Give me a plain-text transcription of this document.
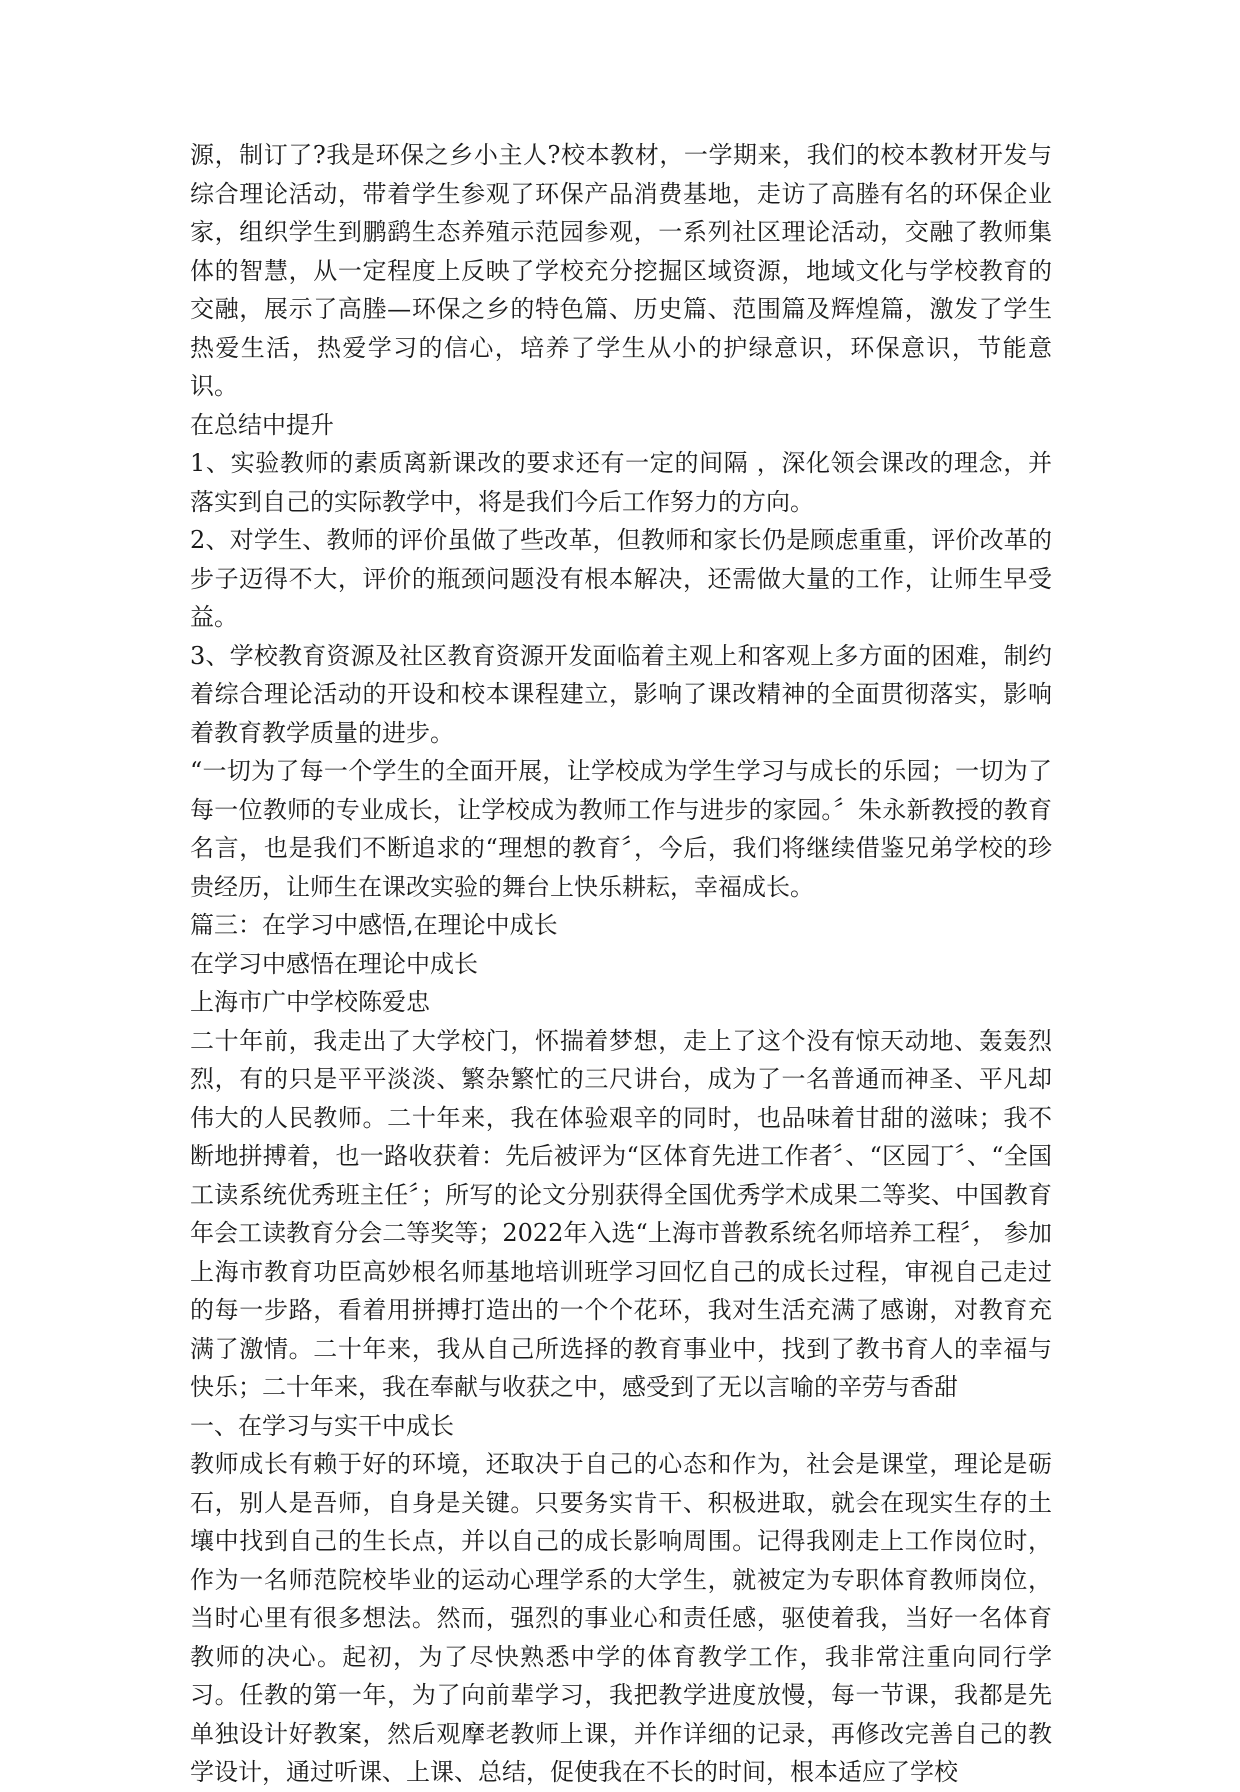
源，制订了?我是环保之乡小主人?校本教材，一学期来，我们的校本教材开发与综合理论活动，带着学生参观了环保产品消费基地，走访了高塍有名的环保企业家，组织学生到鹏鹞生态养殖示范园参观，一系列社区理论活动，交融了教师集体的智慧，从一定程度上反映了学校充分挖掘区域资源，地域文化与学校教育的交融，展示了高塍—环保之乡的特色篇、历史篇、范围篇及辉煌篇，激发了学生热爱生活，热爱学习的信心，培养了学生从小的护绿意识，环保意识，节能意识。

在总结中提升

1、实验教师的素质离新课改的要求还有一定的间隔 ，深化领会课改的理念，并落实到自己的实际教学中，将是我们今后工作努力的方向。

2、对学生、教师的评价虽做了些改革，但教师和家长仍是顾虑重重，评价改革的步子迈得不大，评价的瓶颈问题没有根本解决，还需做大量的工作，让师生早受益。

3、学校教育资源及社区教育资源开发面临着主观上和客观上多方面的困难，制约着综合理论活动的开设和校本课程建立，影响了课改精神的全面贯彻落实，影响着教育教学质量的进步。

“一切为了每一个学生的全面开展，让学校成为学生学习与成长的乐园；一切为了每一位教师的专业成长，让学校成为教师工作与进步的家园。〞朱永新教授的教育名言，也是我们不断追求的“理想的教育〞，今后，我们将继续借鉴兄弟学校的珍贵经历，让师生在课改实验的舞台上快乐耕耘，幸福成长。

篇三：在学习中感悟,在理论中成长

在学习中感悟在理论中成长

上海市广中学校陈爱忠

二十年前，我走出了大学校门，怀揣着梦想，走上了这个没有惊天动地、轰轰烈烈，有的只是平平淡淡、繁杂繁忙的三尺讲台，成为了一名普通而神圣、平凡却伟大的人民教师。二十年来，我在体验艰辛的同时，也品味着甘甜的滋味；我不断地拼搏着，也一路收获着：先后被评为“区体育先进工作者〞、“区园丁〞、“全国工读系统优秀班主任〞；所写的论文分别获得全国优秀学术成果二等奖、中国教育年会工读教育分会二等奖等；2022年入选“上海市普教系统名师培养工程〞， 参加上海市教育功臣高妙根名师基地培训班学习回忆自己的成长过程，审视自己走过的每一步路，看着用拼搏打造出的一个个花环，我对生活充满了感谢，对教育充满了激情。二十年来，我从自己所选择的教育事业中，找到了教书育人的幸福与快乐；二十年来，我在奉献与收获之中，感受到了无以言喻的辛劳与香甜

一、在学习与实干中成长

教师成长有赖于好的环境，还取决于自己的心态和作为，社会是课堂，理论是砺石，别人是吾师，自身是关键。只要务实肯干、积极进取，就会在现实生存的土壤中找到自己的生长点，并以自己的成长影响周围。记得我刚走上工作岗位时，作为一名师范院校毕业的运动心理学系的大学生，就被定为专职体育教师岗位，当时心里有很多想法。然而，强烈的事业心和责任感，驱使着我，当好一名体育教师的决心。起初，为了尽快熟悉中学的体育教学工作，我非常注重向同行学习。任教的第一年，为了向前辈学习，我把教学进度放慢，每一节课，我都是先单独设计好教案，然后观摩老教师上课，并作详细的记录，再修改完善自己的教学设计，通过听课、上课、总结，促使我在不长的时间，根本适应了学校
